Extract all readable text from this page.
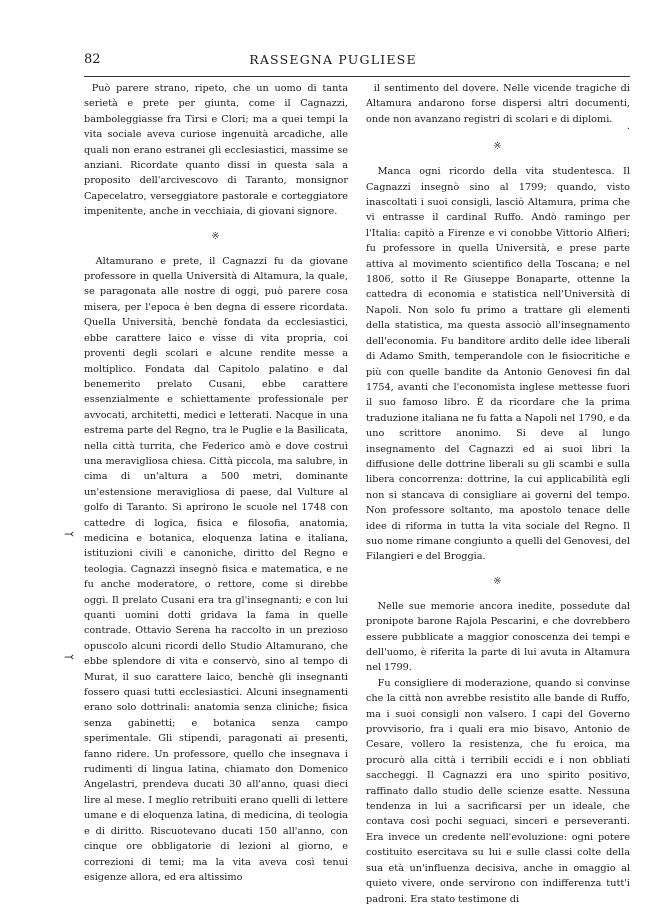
82	RASSEGNA PUGLIESE

Può parere strano, ripeto, che un uomo di tanta serietà e prete per giunta, come il Cagnazzi, bamboleggiasse fra Tirsi e Clori; ma a quei tempi la vita sociale aveva curiose ingenuità arcadiche, alle quali non erano estranei gli ecclesiastici, massime se anziani. Ricordate quanto dissi in questa sala a proposito dell'arcivescovo di Taranto, monsignor Capecelatro, verseggiatore pastorale e corteggiatore impenitente, anche in vecchiaia, di giovani signore.

※

Altamurano e prete, il Cagnazzi fu da giovane professore in quella Università di Altamura, la quale, se paragonata alle nostre di oggi, può parere cosa misera, per l'epoca è ben degna di essere ricordata. Quella Università, benchè fondata da ecclesiastici, ebbe carattere laico e visse di vita propria, coi proventi degli scolari e alcune rendite messe a moltiplico. Fondata dal Capitolo palatino e dal benemerito prelato Cusani, ebbe carattere essenzialmente e schiettamente professionale per avvocati, architetti, medici e letterati. Nacque in una estrema parte del Regno, tra le Puglie e la Basilicata, nella città turrita, che Federico amò e dove costruì una meravigliosa chiesa. Città piccola, ma salubre, in cima di un'altura a 500 metri, dominante un'estensione meravigliosa di paese, dal Vulture al golfo di Taranto. Si aprirono le scuole nel 1748 con cattedre di logica, fisica e filosofia, anatomia, medicina e botanica, eloquenza latina e italiana, istituzioni civili e canoniche, diritto del Regno e teologia. Cagnazzi insegnò fisica e matematica, e ne fu anche moderatore, o rettore, come si direbbe oggi. Il prelato Cusani era tra gl'insegnanti; e con lui quanti uomini dotti gridava la fama in quelle contrade. Ottavio Serena ha raccolto in un prezioso opuscolo alcuni ricordi dello Studio Altamurano, che ebbe splendore di vita e conservò, sino al tempo di Murat, il suo carattere laico, benchè gli insegnanti fossero quasi tutti ecclesiastici. Alcuni insegnamenti erano solo dottrinali: anatomia senza cliniche; fisica senza gabinetti; e botanica senza campo sperimentale. Gli stipendi, paragonati ai presenti, fanno ridere. Un professore, quello che insegnava i rudimenti di lingua latina, chiamato don Domenico Angelastri, prendeva ducati 30 all'anno, quasi dieci lire al mese. I meglio retribuiti erano quelli di lettere umane e di eloquenza latina, di medicina, di teologia e di diritto. Riscuotevano ducati 150 all'anno, con cinque ore obbligatorie di lezioni al giorno, e correzioni di temi; ma la vita aveva così tenui esigenze allora, ed era altissimo

⤙
⤙

il sentimento del dovere. Nelle vicende tragiche di Altamura andarono forse dispersi altri documenti, onde non avanzano registri di scolari e di diplomi.

·
※

Manca ogni ricordo della vita studentesca. Il Cagnazzi insegnò sino al 1799; quando, visto inascoltati i suoi consigli, lasciò Altamura, prima che vi entrasse il cardinal Ruffo. Andò ramingo per l'Italia: capitò a Firenze e vi conobbe Vittorio Alfieri; fu professore in quella Università, e prese parte attiva al movimento scientifico della Toscana; e nel 1806, sotto il Re Giuseppe Bonaparte, ottenne la cattedra di economia e statistica nell'Università di Napoli. Non solo fu primo a trattare gli elementi della statistica, ma questa associò all'insegnamento dell'economia. Fu banditore ardito delle idee liberali di Adamo Smith, temperandole con le fisiocritiche e più con quelle bandite da Antonio Genovesi fin dal 1754, avanti che l'economista inglese mettesse fuori il suo famoso libro. È da ricordare che la prima traduzione italiana ne fu fatta a Napoli nel 1790, e da uno scrittore anonimo. Si deve al lungo insegnamento del Cagnazzi ed ai suoi libri la diffusione delle dottrine liberali su gli scambi e sulla libera concorrenza: dottrine, la cui applicabilità egli non si stancava di consigliare ai governi del tempo. Non professore soltanto, ma apostolo tenace delle idee di riforma in tutta la vita sociale del Regno. Il suo nome rimane congiunto a quelli del Genovesi, del Filangieri e del Broggia.

※

Nelle sue memorie ancora inedite, possedute dal pronipote barone Rajola Pescarini, e che dovrebbero essere pubblicate a maggior conoscenza dei tempi e dell'uomo, è riferita la parte di lui avuta in Altamura nel 1799.

Fu consigliere di moderazione, quando si convinse che la città non avrebbe resistito alle bande di Ruffo, ma i suoi consigli non valsero. I capi del Governo provvisorio, fra i quali era mio bisavo, Antonio de Cesare, vollero la resistenza, che fu eroica, ma procurò alla città i terribili eccidi e i non obbliati saccheggi. Il Cagnazzi era uno spirito positivo, raffinato dallo studio delle scienze esatte. Nessuna tendenza in lui a sacrificarsi per un ideale, che contava così pochi seguaci, sinceri e perseveranti. Era invece un credente nell'evoluzione: ogni potere costituito esercitava su lui e sulle classi colte della sua età un'influenza decisiva, anche in omaggio al quieto vivere, onde servirono con indifferenza tutt'i padroni. Era stato testimone di
